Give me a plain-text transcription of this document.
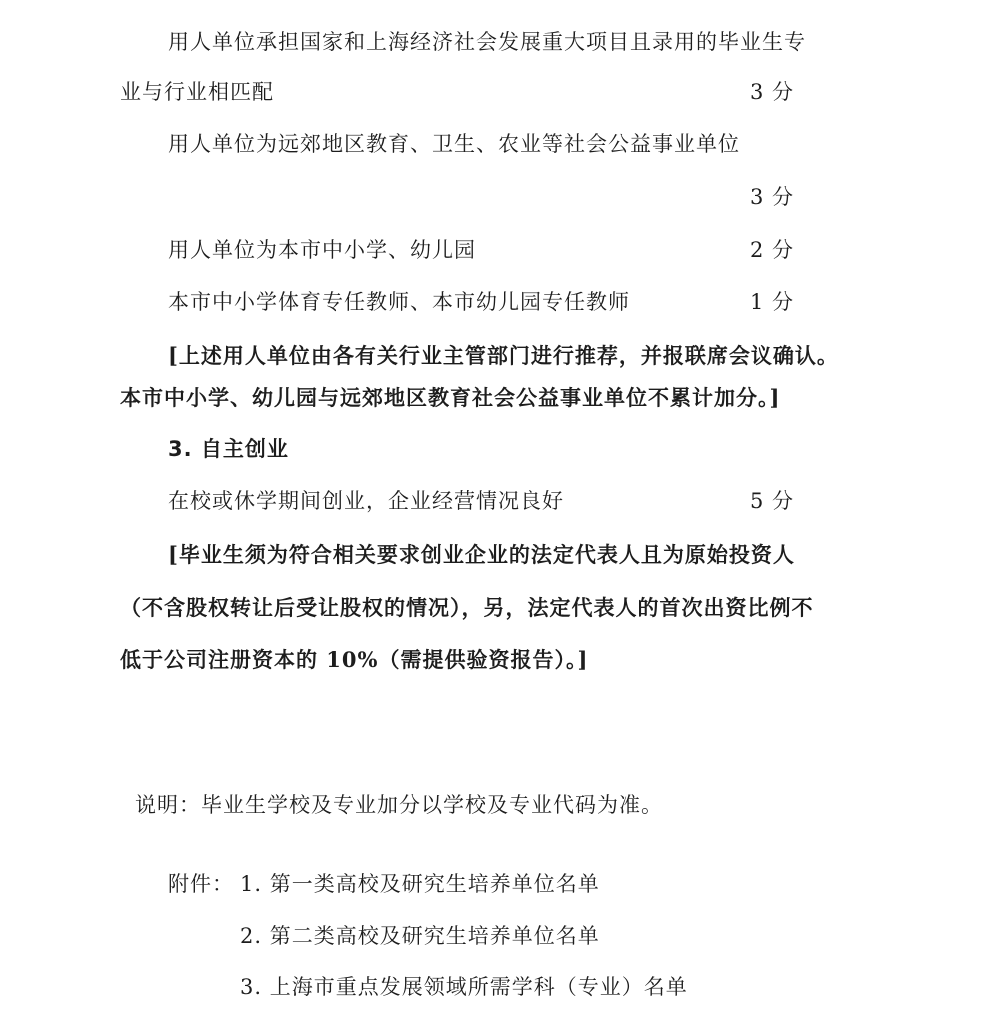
用人单位承担国家和上海经济社会发展重大项目且录用的毕业生专
业与行业相匹配	3 分
用人单位为远郊地区教育、卫生、农业等社会公益事业单位
3 分
用人单位为本市中小学、幼儿园	2 分
本市中小学体育专任教师、本市幼儿园专任教师	1 分
[上述用人单位由各有关行业主管部门进行推荐，并报联席会议确认。
本市中小学、幼儿园与远郊地区教育社会公益事业单位不累计加分。]
3. 自主创业
在校或休学期间创业，企业经营情况良好	5 分
[毕业生须为符合相关要求创业企业的法定代表人且为原始投资人
（不含股权转让后受让股权的情况），另，法定代表人的首次出资比例不
低于公司注册资本的 10%（需提供验资报告）。]
说明：毕业生学校及专业加分以学校及专业代码为准。
附件： 1. 第一类高校及研究生培养单位名单
2. 第二类高校及研究生培养单位名单
3. 上海市重点发展领域所需学科（专业）名单
